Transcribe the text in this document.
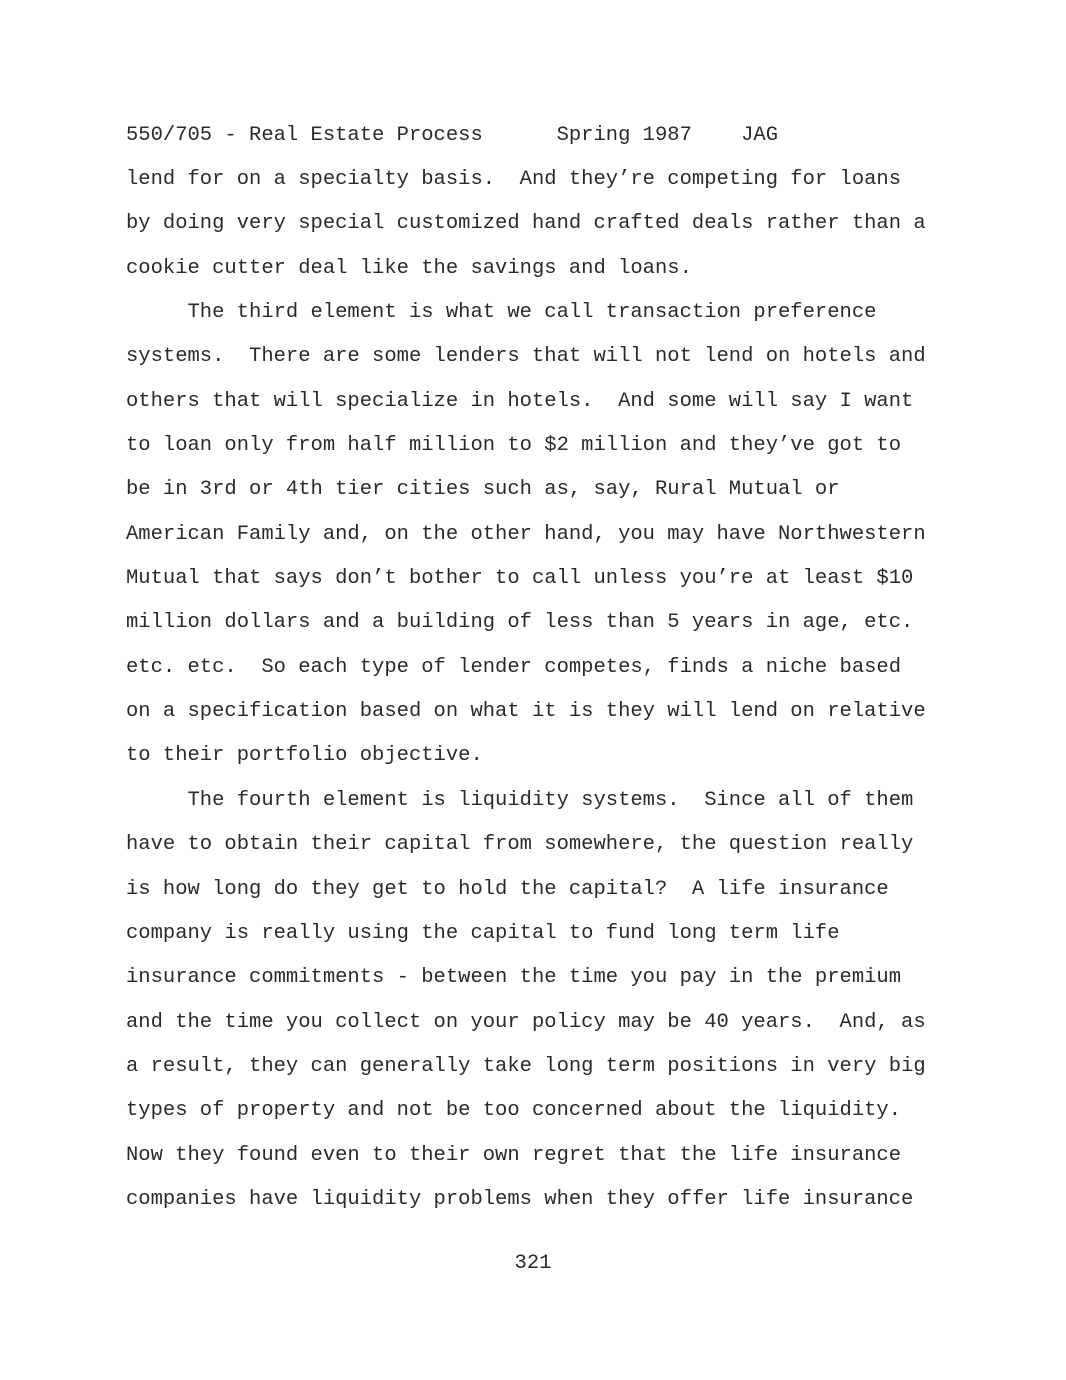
550/705 - Real Estate Process      Spring 1987    JAG
lend for on a specialty basis.  And they’re competing for loans
by doing very special customized hand crafted deals rather than a
cookie cutter deal like the savings and loans.
The third element is what we call transaction preference
systems.  There are some lenders that will not lend on hotels and
others that will specialize in hotels.  And some will say I want
to loan only from half million to $2 million and they’ve got to
be in 3rd or 4th tier cities such as, say, Rural Mutual or
American Family and, on the other hand, you may have Northwestern
Mutual that says don’t bother to call unless you’re at least $10
million dollars and a building of less than 5 years in age, etc.
etc. etc.  So each type of lender competes, finds a niche based
on a specification based on what it is they will lend on relative
to their portfolio objective.
The fourth element is liquidity systems.  Since all of them
have to obtain their capital from somewhere, the question really
is how long do they get to hold the capital?  A life insurance
company is really using the capital to fund long term life
insurance commitments - between the time you pay in the premium
and the time you collect on your policy may be 40 years.  And, as
a result, they can generally take long term positions in very big
types of property and not be too concerned about the liquidity.
Now they found even to their own regret that the life insurance
companies have liquidity problems when they offer life insurance
321
